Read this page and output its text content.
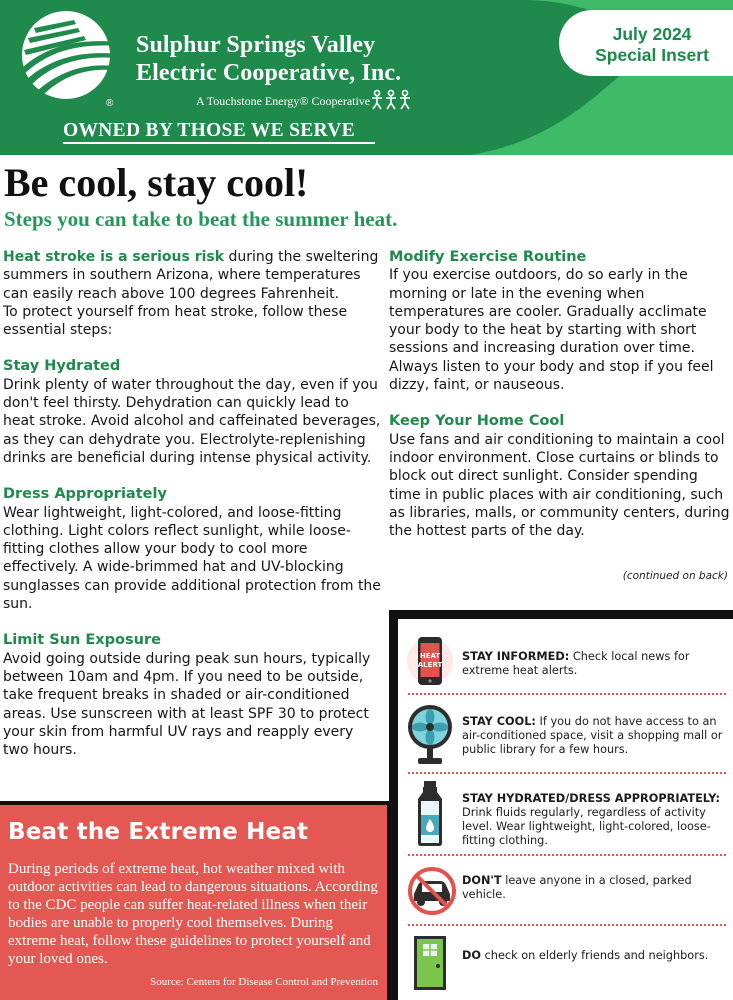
®
Sulphur Springs Valley
Electric Cooperative, Inc.
A Touchstone Energy® Cooperative
OWNED BY THOSE WE SERVE
July 2024
Special Insert
Be cool, stay cool!
Steps you can take to beat the summer heat.
Heat stroke is a serious risk during the sweltering summers in southern Arizona, where temperatures can easily reach above 100 degrees Fahrenheit.
To protect yourself from heat stroke, follow these essential steps:
Stay Hydrated
Drink plenty of water throughout the day, even if you don't feel thirsty. Dehydration can quickly lead to heat stroke. Avoid alcohol and caffeinated beverages, as they can dehydrate you. Electrolyte-replenishing drinks are beneficial during intense physical activity.
Dress Appropriately
Wear lightweight, light-colored, and loose-fitting clothing. Light colors reflect sunlight, while loose-fitting clothes allow your body to cool more effectively. A wide-brimmed hat and UV-blocking sunglasses can provide additional protection from the sun.
Limit Sun Exposure
Avoid going outside during peak sun hours, typically between 10am and 4pm. If you need to be outside, take frequent breaks in shaded or air-conditioned areas. Use sunscreen with at least SPF 30 to protect your skin from harmful UV rays and reapply every two hours.
Modify Exercise Routine
If you exercise outdoors, do so early in the morning or late in the evening when temperatures are cooler. Gradually acclimate your body to the heat by starting with short sessions and increasing duration over time. Always listen to your body and stop if you feel dizzy, faint, or nauseous.
Keep Your Home Cool
Use fans and air conditioning to maintain a cool indoor environment. Close curtains or blinds to block out direct sunlight. Consider spending time in public places with air conditioning, such as libraries, malls, or community centers, during the hottest parts of the day.
(continued on back)
HEAT
ALERT
STAY INFORMED: Check local news for extreme heat alerts.
STAY COOL: If you do not have access to an air-conditioned space, visit a shopping mall or public library for a few hours.
STAY HYDRATED/DRESS APPROPRIATELY: Drink fluids regularly, regardless of activity level. Wear lightweight, light-colored, loose-fitting clothing.
DON'T leave anyone in a closed, parked vehicle.
DO check on elderly friends and neighbors.
Beat the Extreme Heat
During periods of extreme heat, hot weather mixed with outdoor activities can lead to dangerous situations. According to the CDC people can suffer heat-related illness when their bodies are unable to properly cool themselves. During extreme heat, follow these guidelines to protect yourself and your loved ones.
Source: Centers for Disease Control and Prevention
